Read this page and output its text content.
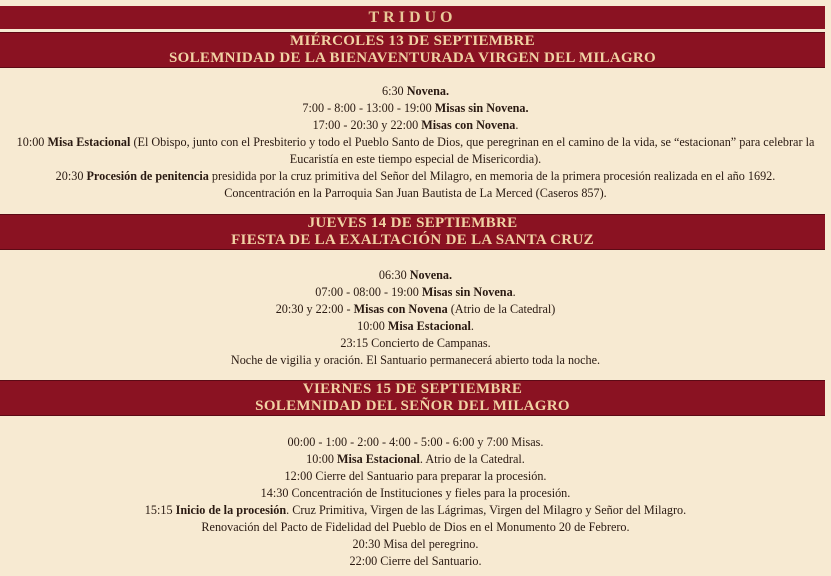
TRIDUO
MIÉRCOLES 13 DE SEPTIEMBRE
SOLEMNIDAD DE LA BIENAVENTURADA VIRGEN DEL MILAGRO
6:30 Novena.
7:00 - 8:00 - 13:00 - 19:00 Misas sin Novena.
17:00 - 20:30 y 22:00 Misas con Novena.
10:00 Misa Estacional (El Obispo, junto con el Presbiterio y todo el Pueblo Santo de Dios, que peregrinan en el camino de la vida, se “estacionan” para celebrar la Eucaristía en este tiempo especial de Misericordia).
20:30 Procesión de penitencia presidida por la cruz primitiva del Señor del Milagro, en memoria de la primera procesión realizada en el año 1692.
Concentración en la Parroquia San Juan Bautista de La Merced (Caseros 857).
JUEVES 14 DE SEPTIEMBRE
FIESTA DE LA EXALTACIÓN DE LA SANTA CRUZ
06:30 Novena.
07:00 - 08:00 - 19:00 Misas sin Novena.
20:30 y 22:00 - Misas con Novena (Atrio de la Catedral)
10:00 Misa Estacional.
23:15 Concierto de Campanas.
Noche de vigilia y oración. El Santuario permanecerá abierto toda la noche.
VIERNES 15 DE SEPTIEMBRE
SOLEMNIDAD DEL SEÑOR DEL MILAGRO
00:00 - 1:00 - 2:00 - 4:00 - 5:00 - 6:00 y 7:00 Misas.
10:00 Misa Estacional. Atrio de la Catedral.
12:00 Cierre del Santuario para preparar la procesión.
14:30 Concentración de Instituciones y fieles para la procesión.
15:15 Inicio de la procesión. Cruz Primitiva, Virgen de las Lágrimas, Virgen del Milagro y Señor del Milagro.
Renovación del Pacto de Fidelidad del Pueblo de Dios en el Monumento 20 de Febrero.
20:30 Misa del peregrino.
22:00 Cierre del Santuario.
